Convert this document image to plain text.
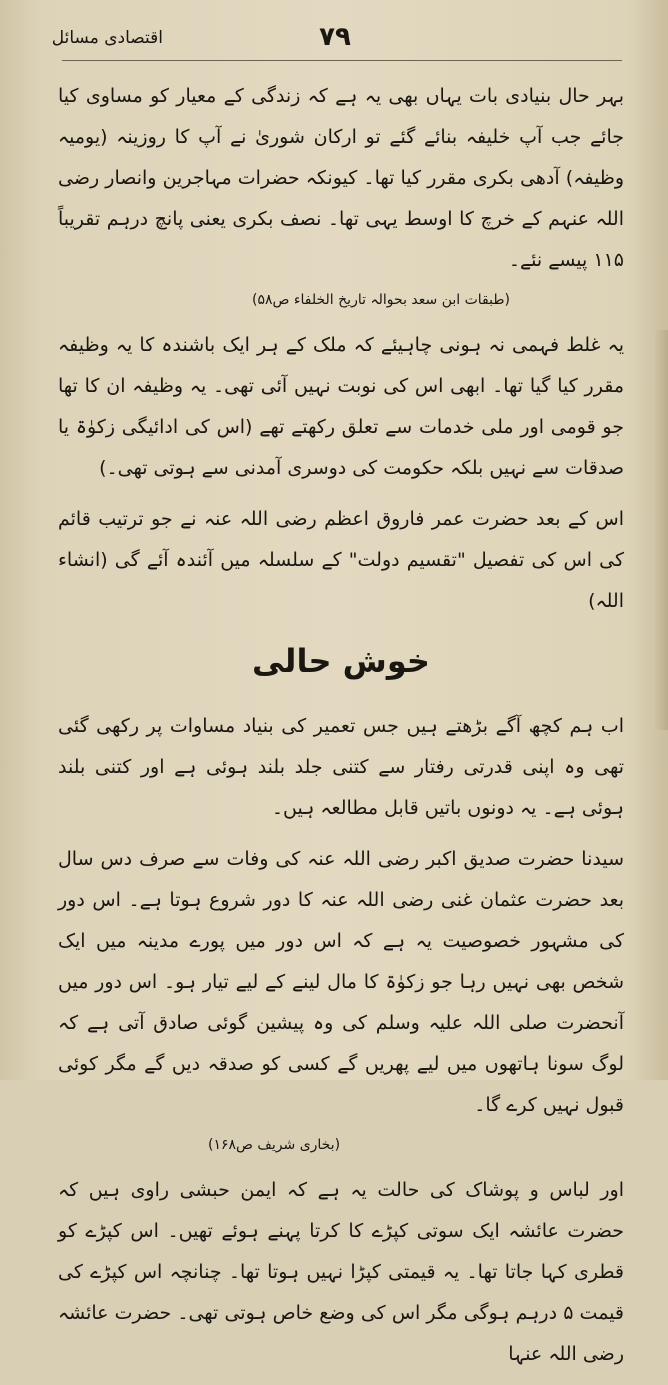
اقتصادی مسائل	۷۹

بہر حال بنیادی بات یہاں بھی یہ ہے کہ زندگی کے معیار کو مساوی کیا جائے جب آپ خلیفہ بنائے گئے تو ارکان شوریٰ نے آپ کا روزینہ (یومیہ وظیفہ) آدھی بکری مقرر کیا تھا۔ کیونکہ حضرات مہاجرین وانصار رضی اللہ عنہم کے خرچ کا اوسط یہی تھا۔ نصف بکری یعنی پانچ درہم تقریباً ۱۱۵ پیسے نئے۔

(طبقات ابن سعد بحوالہ تاریخ الخلفاء ص۵۸)

یہ غلط فہمی نہ ہونی چاہیئے کہ ملک کے ہر ایک باشندہ کا یہ وظیفہ مقرر کیا گیا تھا۔ ابھی اس کی نوبت نہیں آئی تھی۔ یہ وظیفہ ان کا تھا جو قومی اور ملی خدمات سے تعلق رکھتے تھے (اس کی ادائیگی زکوٰۃ یا صدقات سے نہیں بلکہ حکومت کی دوسری آمدنی سے ہوتی تھی۔)

اس کے بعد حضرت عمر فاروق اعظم رضی اللہ عنہ نے جو ترتیب قائم کی اس کی تفصیل "تقسیم دولت" کے سلسلہ میں آئندہ آئے گی (انشاء اللہ)

خوش حالی

اب ہم کچھ آگے بڑھتے ہیں جس تعمیر کی بنیاد مساوات پر رکھی گئی تھی وہ اپنی قدرتی رفتار سے کتنی جلد بلند ہوئی ہے اور کتنی بلند ہوئی ہے۔ یہ دونوں باتیں قابل مطالعہ ہیں۔

سیدنا حضرت صدیق اکبر رضی اللہ عنہ کی وفات سے صرف دس سال بعد حضرت عثمان غنی رضی اللہ عنہ کا دور شروع ہوتا ہے۔ اس دور کی مشہور خصوصیت یہ ہے کہ اس دور میں پورے مدینہ میں ایک شخص بھی نہیں رہا جو زکوٰۃ کا مال لینے کے لیے تیار ہو۔ اس دور میں آنحضرت صلی اللہ علیہ وسلم کی وہ پیشین گوئی صادق آتی ہے کہ لوگ سونا ہاتھوں میں لیے پھریں گے کسی کو صدقہ دیں گے مگر کوئی قبول نہیں کرے گا۔

(بخاری شریف ص۱۶۸)

اور لباس و پوشاک کی حالت یہ ہے کہ ایمن حبشی راوی ہیں کہ حضرت عائشہ ایک سوتی کپڑے کا کرتا پہنے ہوئے تھیں۔ اس کپڑے کو قطری کہا جاتا تھا۔ یہ قیمتی کپڑا نہیں ہوتا تھا۔ چنانچہ اس کپڑے کی قیمت ۵ درہم ہوگی مگر اس کی وضع خاص ہوتی تھی۔ حضرت عائشہ رضی اللہ عنہا
